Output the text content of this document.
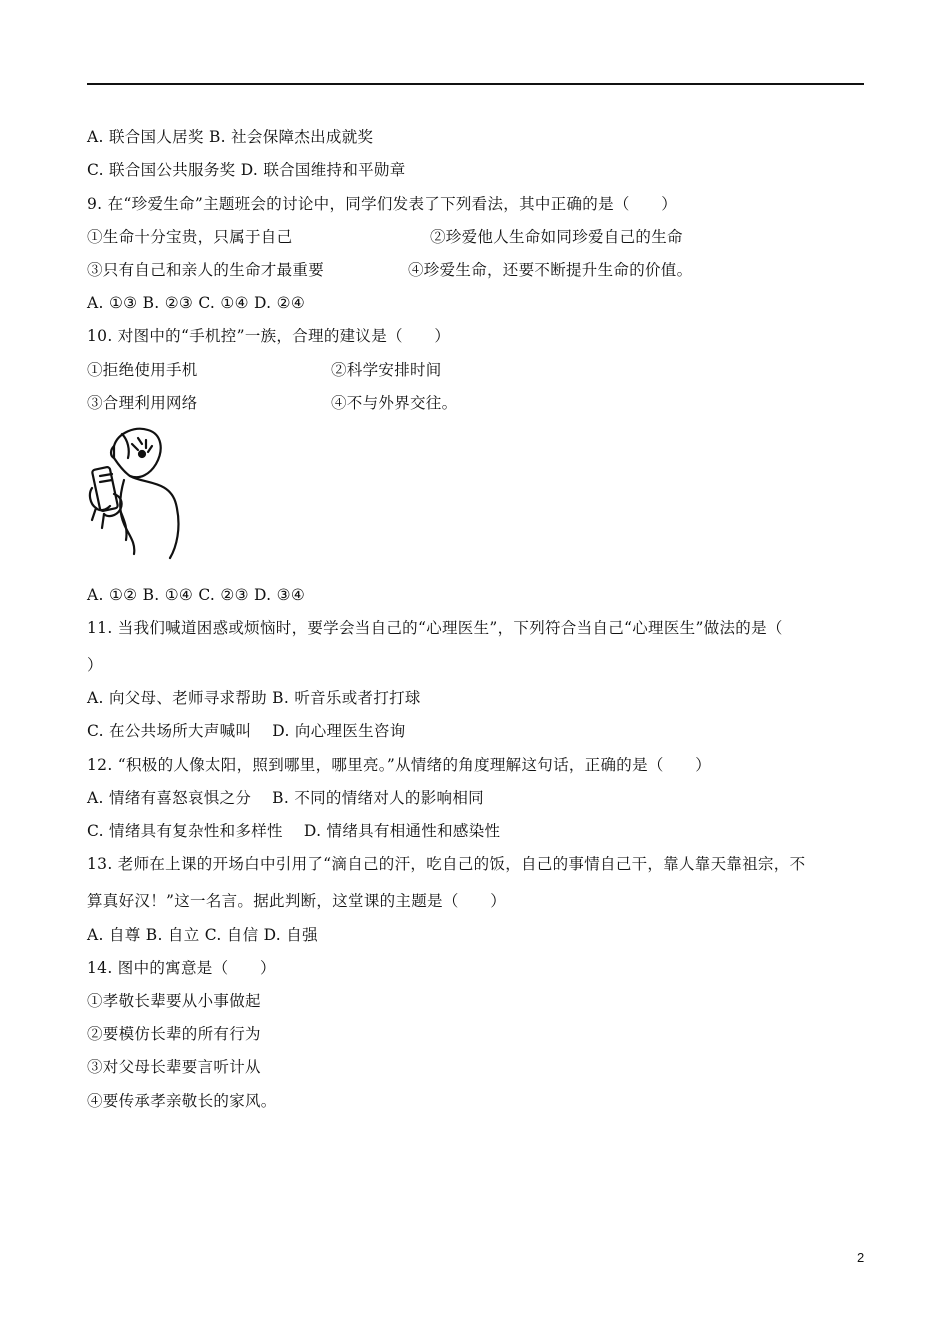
A. 联合国人居奖 B. 社会保障杰出成就奖
C. 联合国公共服务奖 D. 联合国维持和平勋章
9. 在“珍爱生命”主题班会的讨论中，同学们发表了下列看法，其中正确的是（　　）
①生命十分宝贵，只属于自己	②珍爱他人生命如同珍爱自己的生命
③只有自己和亲人的生命才最重要	④珍爱生命，还要不断提升生命的价值。
A. ①③ B. ②③ C. ①④ D. ②④
10. 对图中的“手机控”一族，合理的建议是（　　）
①拒绝使用手机	②科学安排时间
③合理利用网络	④不与外界交往。
A. ①② B. ①④ C. ②③ D. ③④
11. 当我们喊道困惑或烦恼时，要学会当自己的“心理医生”，下列符合当自己“心理医生”做法的是（
）
A. 向父母、老师寻求帮助 B. 听音乐或者打打球
C. 在公共场所大声喊叫　 D. 向心理医生咨询
12. “积极的人像太阳，照到哪里，哪里亮。”从情绪的角度理解这句话，正确的是（　　）
A. 情绪有喜怒哀惧之分　 B. 不同的情绪对人的影响相同
C. 情绪具有复杂性和多样性　 D. 情绪具有相通性和感染性
13. 老师在上课的开场白中引用了“滴自己的汗，吃自己的饭，自己的事情自己干，靠人靠天靠祖宗，不
算真好汉！”这一名言。据此判断，这堂课的主题是（　　）
A. 自尊 B. 自立 C. 自信 D. 自强
14. 图中的寓意是（　　）
①孝敬长辈要从小事做起
②要模仿长辈的所有行为
③对父母长辈要言听计从
④要传承孝亲敬长的家风。
2
